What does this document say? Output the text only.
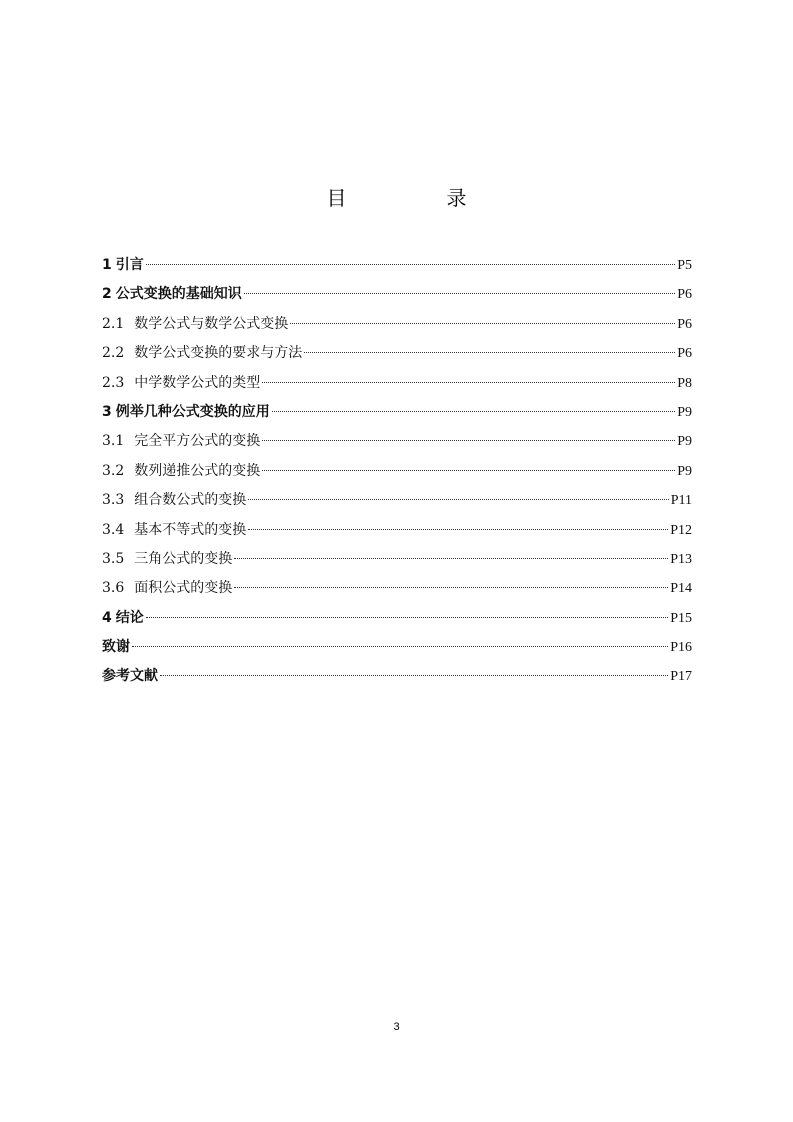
目　录
1 引言	P5
2 公式变换的基础知识	P6
2.1 数学公式与数学公式变换	P6
2.2 数学公式变换的要求与方法	P6
2.3 中学数学公式的类型	P8
3 例举几种公式变换的应用	P9
3.1 完全平方公式的变换	P9
3.2 数列递推公式的变换	P9
3.3 组合数公式的变换	P11
3.4 基本不等式的变换	P12
3.5 三角公式的变换	P13
3.6 面积公式的变换	P14
4 结论	P15
致谢	P16
参考文献	P17
3
